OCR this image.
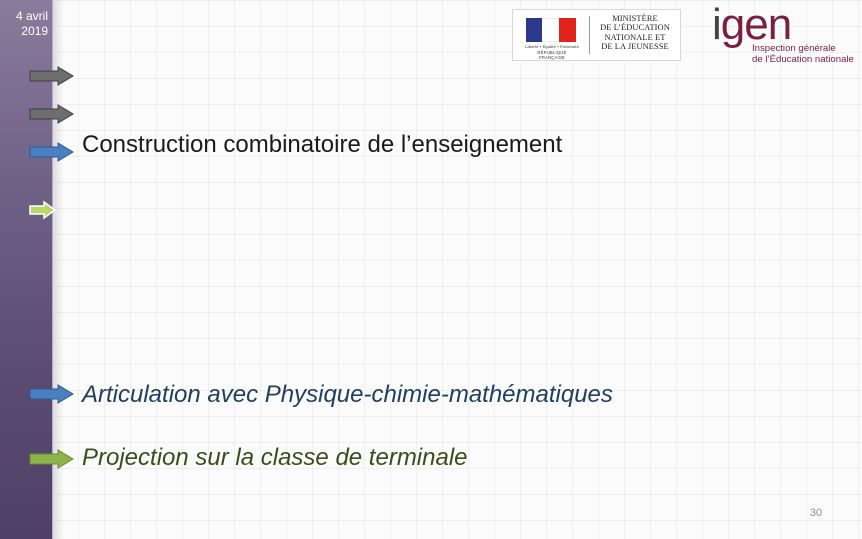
4 avril
2019
Liberté • Égalité • Fraternité
RÉPUBLIQUE FRANÇAISE
MINISTÈRE
DE L’ÉDUCATION
NATIONALE ET
DE LA JEUNESSE igen
Inspection générale
de l’Éducation nationale
Construction combinatoire de l’enseignement
Articulation avec Physique-chimie-mathématiques
Projection sur la classe de terminale
30
